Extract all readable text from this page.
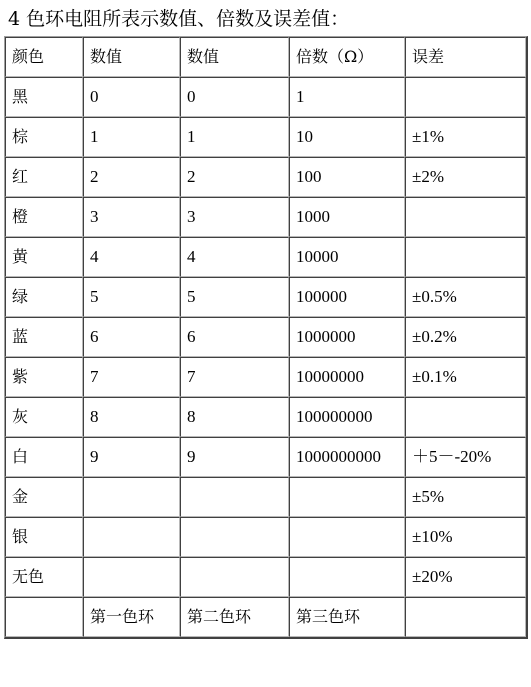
4 色环电阻所表示数值、倍数及误差值：
颜色	数值	数值	倍数（Ω）	误差
黑	0	0	1	
棕	1	1	10	±1%
红	2	2	100	±2%
橙	3	3	1000	
黄	4	4	10000	
绿	5	5	100000	±0.5%
蓝	6	6	1000000	±0.2%
紫	7	7	10000000	±0.1%
灰	8	8	100000000	
白	9	9	1000000000	＋5－-20%
金				±5%
银				±10%
无色				±20%
	第一色环	第二色环	第三色环	
